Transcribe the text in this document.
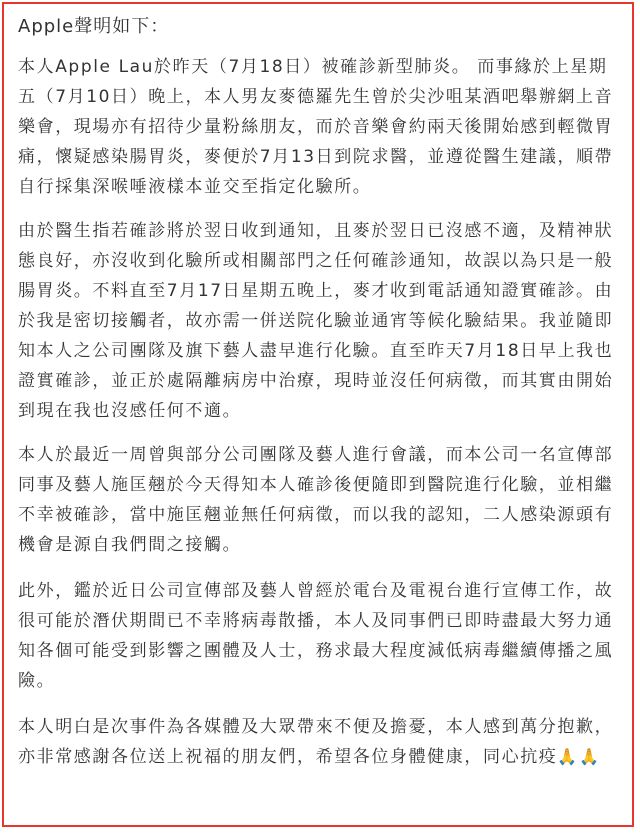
Apple聲明如下：

本人Apple Lau於昨天（7月18日）被確診新型肺炎。 而事緣於上星期五（7月10日）晚上，本人男友麥德羅先生曾於尖沙咀某酒吧舉辦網上音樂會，現場亦有招待少量粉絲朋友，而於音樂會約兩天後開始感到輕微胃痛，懷疑感染腸胃炎，麥便於7月13日到院求醫，並遵從醫生建議，順帶自行採集深喉唾液樣本並交至指定化驗所。

由於醫生指若確診將於翌日收到通知，且麥於翌日已沒感不適，及精神狀態良好，亦沒收到化驗所或相關部門之任何確診通知，故誤以為只是一般腸胃炎。不料直至7月17日星期五晚上，麥才收到電話通知證實確診。由於我是密切接觸者，故亦需一併送院化驗並通宵等候化驗結果。我並隨即知本人之公司團隊及旗下藝人盡早進行化驗。直至昨天7月18日早上我也證實確診，並正於處隔離病房中治療，現時並沒任何病徵，而其實由開始到現在我也沒感任何不適。

本人於最近一周曾與部分公司團隊及藝人進行會議，而本公司一名宣傳部同事及藝人施匡翹於今天得知本人確診後便隨即到醫院進行化驗，並相繼不幸被確診，當中施匡翹並無任何病徵，而以我的認知，二人感染源頭有機會是源自我們間之接觸。

此外，鑑於近日公司宣傳部及藝人曾經於電台及電視台進行宣傳工作，故很可能於潛伏期間已不幸將病毒散播，本人及同事們已即時盡最大努力通知各個可能受到影響之團體及人士，務求最大程度減低病毒繼續傳播之風險。

本人明白是次事件為各媒體及大眾帶來不便及擔憂，本人感到萬分抱歉，亦非常感謝各位送上祝福的朋友們，希望各位身體健康，同心抗疫🙏🙏
